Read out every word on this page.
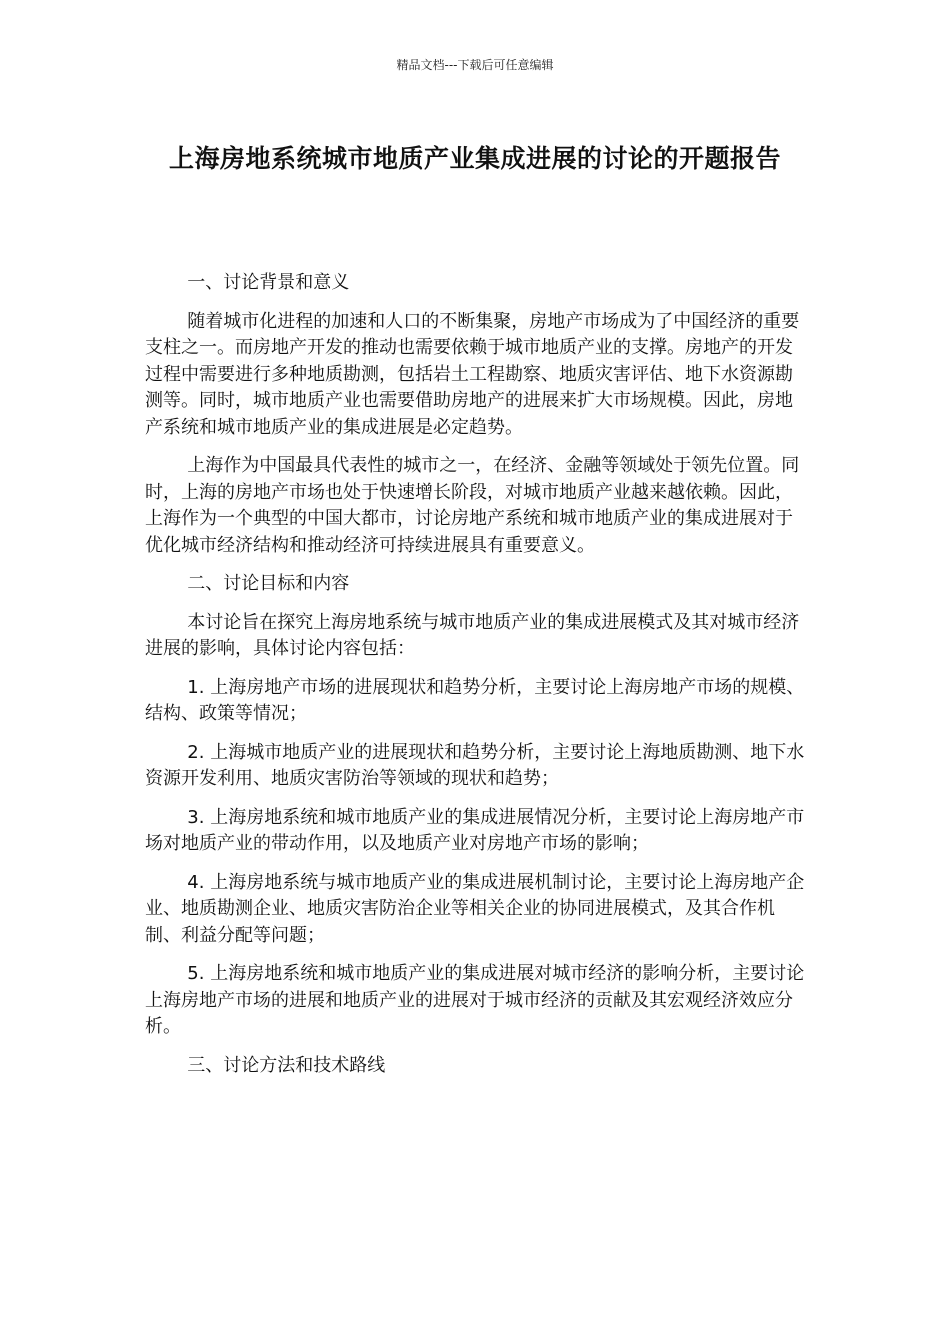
精品文档---下载后可任意编辑
上海房地系统城市地质产业集成进展的讨论的开题报告

一、讨论背景和意义

随着城市化进程的加速和人口的不断集聚，房地产市场成为了中国经济的重要支柱之一。而房地产开发的推动也需要依赖于城市地质产业的支撑。房地产的开发过程中需要进行多种地质勘测，包括岩土工程勘察、地质灾害评估、地下水资源勘测等。同时，城市地质产业也需要借助房地产的进展来扩大市场规模。因此，房地产系统和城市地质产业的集成进展是必定趋势。

上海作为中国最具代表性的城市之一，在经济、金融等领域处于领先位置。同时，上海的房地产市场也处于快速增长阶段，对城市地质产业越来越依赖。因此，上海作为一个典型的中国大都市，讨论房地产系统和城市地质产业的集成进展对于优化城市经济结构和推动经济可持续进展具有重要意义。

二、讨论目标和内容

本讨论旨在探究上海房地系统与城市地质产业的集成进展模式及其对城市经济进展的影响，具体讨论内容包括：

1. 上海房地产市场的进展现状和趋势分析，主要讨论上海房地产市场的规模、结构、政策等情况；

2. 上海城市地质产业的进展现状和趋势分析，主要讨论上海地质勘测、地下水资源开发利用、地质灾害防治等领域的现状和趋势；

3. 上海房地系统和城市地质产业的集成进展情况分析，主要讨论上海房地产市场对地质产业的带动作用，以及地质产业对房地产市场的影响；

4. 上海房地系统与城市地质产业的集成进展机制讨论，主要讨论上海房地产企业、地质勘测企业、地质灾害防治企业等相关企业的协同进展模式，及其合作机制、利益分配等问题；

5. 上海房地系统和城市地质产业的集成进展对城市经济的影响分析，主要讨论上海房地产市场的进展和地质产业的进展对于城市经济的贡献及其宏观经济效应分析。

三、讨论方法和技术路线
